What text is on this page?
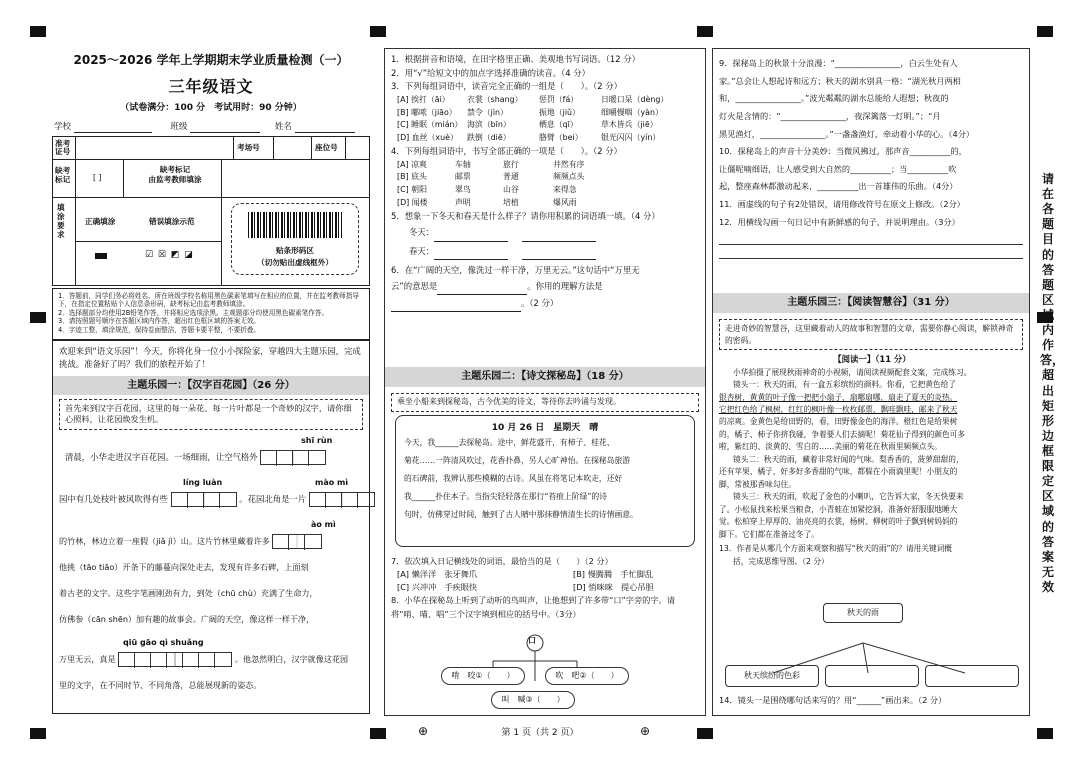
2025～2026 学年上学期期末学业质量检测（一）
三年级语文
（试卷满分：100 分　考试用时：90 分钟）
学校	班级	姓名
准考证号	考场号	座位号
缺考标记	[ ]
缺考标记
由监考教师填涂
填涂要求
正确填涂	错误填涂示范
☑ ☒ ◩ ◪	贴条形码区
（切勿贴出虚线框外）
1．答题前，同学们务必将姓名、所在班级学校名称用黑色碳素笔填写在相应的位置，并在监考教师指导下，在指定位置粘贴个人信息条形码，缺考标记由监考教师填涂。
2．选择题部分均使用2B铅笔作答，并将相应选项涂黑。主观题部分均使用黑色碳素笔作答。
3．请按照题号顺序在答题区域内作答，超出红色框区域的答案无效。
4．字迹工整，填涂规范，保持卷面整洁，答题卡要平整，不要折叠。
欢迎来到“语文乐园”！今天，你将化身一位小小探险家，穿越四大主题乐园，完成挑战。准备好了吗？我们的旅程开始了！
主题乐园一：【汉字百花园】（26 分）
首先来到汉字百花园，这里的每一朵花、每一片叶都是一个奇妙的汉字，请你细心照料，让花园焕发生机。
shī rùn
清晨，小华走进汉字百花园。一场细雨，让空气格外
líng luàn	mào mì
园中有几处枝叶被风吹得有些	。花园北角是一片
ào mì
的竹林，林边立着一座假（jiǎ jì）山。这片竹林里藏着许多
他挑（tāo tiāo）开条下的藤蔓向深处走去，发现有许多石碑，上面刻
着古老的文字。这些字笔画刚劲有力，到处（chū chù）充满了生命力，
仿佛参（cān shēn）加有趣的故事会。广阔的天空，像这样一样干净，
qiū gāo qì shuǎng
万里无云，真是	。他忽然明白，汉字就像这花园
里的文字，在不同时节、不同角落，总能展现新的姿态。
1．根据拼音和语境，在田字格里正确、美观地书写词语。（12 分）
2．用“√”给短文中的加点字选择准确的读音。（4 分）
3．下列每组词语中，读音完全正确的一组是（　　）。（2 分）
[A] 挨打（āi） 衣裳（shang） 惩罚（fá）	日暖口呆（dèng）
[B] 嘟哝（jiāo） 禁令（jìn）	振地（jiǔ）	细嚼慢咽（yàn）
[C] 睡眠（mián） 海滨（bīn）	栖息（qī）	草木皆兵（jiē）
[D] 血丝（xuè） 跌倒（diē）	胳臂（bei） 银光闪闪（yín）
4．下列每组词语中，书写全部正确的一项是（　　）。（2 分）
[A] 凉爽	车轴	旅行	井然有序
[B] 底头	邮票	普通	频频点头
[C] 朝阳	翠鸟	山谷	来得急
[D] 闻楼	声明	培植	爆风雨
5．想象一下冬天和春天是什么样子？请你用积累的词语填一填。（4 分）
冬天：
春天：
6．在“广阔的天空，像洗过一样干净，万里无云。”这句话中“万里无
云”的意思是	。你用的理解方法是
。（2 分）
主题乐园二：【诗文探秘岛】（18 分）
乘坐小船来到探秘岛，古今优美的诗文，等待你去吟诵与发现。
10 月 26 日　星期天　晴
今天，我______去探秘岛。途中，鲜花盛开，有柿子、桂花、
菊花……一阵清风吹过，花香扑鼻，另人心旷神怡。在探秘岛旅游
的石碑前，我辨认那些模糊的古诗。风虽在将笔记本吹走，还好
我______扑住本子。当指尖轻轻落在那行“苔痕上阶绿”的诗
句时，仿佛穿过时间，触到了古人晴中那抹静情清生长的诗情画意。
7．依次填入日记横线处的词语，最恰当的是（　　）（2 分）
[A] 懒洋洋　张牙舞爪	[B] 慢腾腾　手忙脚乱
[C] 兴冲冲　手疾眼快	[D] 悄咪咪　提心吊胆
8．小华在探秘岛上听到了动听的鸟叫声，让他想到了许多带“口”字旁的字。请将“哨、喵、唱”三个汉字填到相应的括号中。（3分）
口
啃　咬①（　　）	吹　吧②（　　）
叫　喊③（　　）
9．探秘岛上的秋景十分浪漫：“________________，白云生处有人
家。”总会让人想起诗和远方；秋天的湖水别具一格：“湖光秋月两相
和，________________。”波光粼粼的湖水总能给人遐想；秋夜的
灯火是含情的：“________________，夜深篱落一灯明。”；“月
黑见渔灯，________________。”一盏盏渔灯，牵动着小华的心。（4分）
10．探秘岛上的声音十分美妙：当微风拂过，那声音__________的，
让僵呢喃细语，让人感受到大自然的__________；当__________吹
起，整座森林都激动起来，__________出一首雄伟的乐曲。（4分）
11．画虚线的句子有2处错误，请用修改符号在原文上修改。（2分）
12．用横线勾画一句日记中有新鲜感的句子，并说明理由。（3分）
主题乐园三：【阅读智慧谷】（31 分）
走进奇妙的智慧谷，这里藏着动人的故事和智慧的文章，需要你静心阅读，解锁神奇的密码。
【阅读一】（11 分）
小华拍摄了展现秋雨神奇的小视频，请阅读视频配套文案，完成练习。
镜头一：秋天的雨，有一盒五彩缤纷的颜料。你看，它把黄色给了
银杏树，黄黄的叶子像一把把小扇子，扇哪扇哪，扇走了夏天的炎热。
它把红色给了枫树，红红的枫叶像一枚枚邮票，飘哇飘哇，邮来了秋天
的凉爽。金黄色是给田野的，看，田野像金色的海洋。橙红色是给果树
的，橘子、柿子你挤我碰，争着要人们去摘呢！菊花仙子得到的颜色可多
啦，紫红的、淡黄的、雪白的……美丽的菊花在秋雨里频频点头。
镜头二：秋天的雨，藏着非常好闻的气味。梨香香的，菠萝甜甜的，
还有苹果、橘子，好多好多香甜的气味，都躲在小雨滴里呢！小朋友的
脚，常被那香味勾住。
镜头三：秋天的雨，吹起了金色的小喇叭，它告诉大家，冬天快要来
了。小松鼠找来松果当粮食，小青蛙在加紧挖洞，准备好舒服服地睡大
觉。松柏穿上厚厚的、油亮亮的衣裳，杨树、柳树的叶子飘到树妈妈的
脚下。它们都在准备过冬了。
13．作者是从哪几个方面来观察和描写“秋天的雨”的？请用关键词概
括，完成思维导图。（2 分）
秋天的雨
秋天缤纷的色彩
14．镜头一是围绕哪句话来写的？用“______”画出来。（2 分）
请在各题目的答题区域内作答，超出矩形边框限定区域的答案无效
⊕	⊕
第 1 页（共 2 页）
